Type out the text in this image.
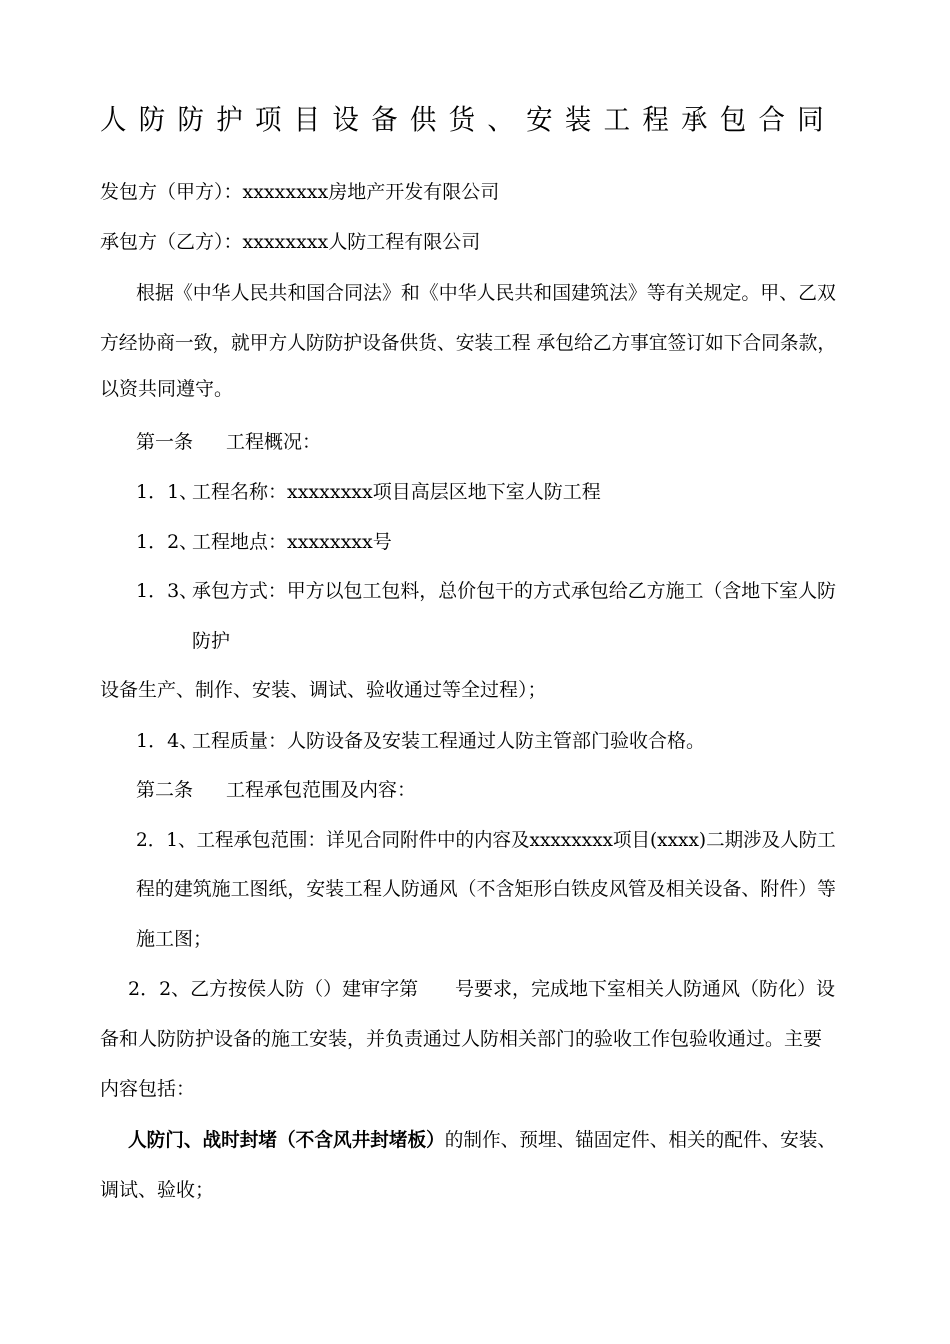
人防防护项目设备供货、安装工程承包合同
发包方（甲方）：xxxxxxxx房地产开发有限公司
承包方（乙方）：xxxxxxxx人防工程有限公司
根据《中华人民共和国合同法》和《中华人民共和国建筑法》等有关规定。甲、乙双
方经协商一致，就甲方人防防护设备供货、安装工程 承包给乙方事宜签订如下合同条款，
以资共同遵守。
第一条 工程概况：
1．1、
工程名称：xxxxxxxx项目高层区地下室人防工程
1．2、
工程地点：xxxxxxxx号
1．3、
承包方式：甲方以包工包料，总价包干的方式承包给乙方施工（含地下室人防
防护
设备生产、制作、安装、调试、验收通过等全过程）；
1．4、
工程质量：人防设备及安装工程通过人防主管部门验收合格。
第二条 工程承包范围及内容：
2．1、工程承包范围：详见合同附件中的内容及xxxxxxxx项目(xxxx)二期涉及人防工
程的建筑施工图纸，安装工程人防通风（不含矩形白铁皮风管及相关设备、附件）等
施工图；
2．2、乙方按侯人防（）建审字第 号要求，完成地下室相关人防通风（防化）设
备和人防防护设备的施工安装，并负责通过人防相关部门的验收工作包验收通过。主要
内容包括：
人防门、战时封堵（不含风井封堵板）的制作、预埋、锚固定件、相关的配件、安装、
调试、验收；
